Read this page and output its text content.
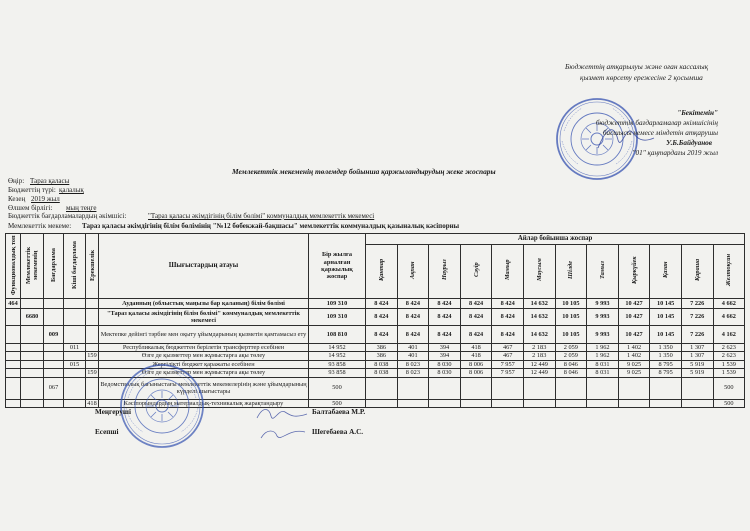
Бюджеттің атқарылуы және оған кассалық
қызмет көрсету ережесіне 2 қосымша
"Бекітемін"
бюджеттік бағдарламалар әкімшісінің
басшысы немесе міндетін атқарушы
У.Б.Байдуанов
"01" қаңтардағы 2019 жыл
Мемлекеттік мекеменің төлемдер бойынша қаржыландырудың жеке жоспары
Өңір: Тараз қаласы
Бюджеттің түрі: қалалық
Кезең 2019 жыл
Өлшем бірлігі: мың теңге
Бюджеттік бағдарламалардың әкімшісі:	"Тараз қаласы әкімдігінің білім бөлімі" коммуналдық мемлекеттік мекемесі
Мемлекеттік мекеме: Тараз қаласы әкімдігінің білім бөлімінің "№12 бөбекжай-бақшасы" мемлекеттік коммуналдық қазыналық кәсіпорны
Функционалдық топ	Мемлекеттік мекеменің	Бағдарлама	Кіші бағдарлама	Ерекшелік	Шығыстардың атауы	Бір жылға арналған қаржылық жоспар	Айлар бойынша жоспар											
							Қантар	Ақпан	Наурыз	Сәуір	Мамыр	Маусым	Шілде	Тамыз	Қыркүйек	Қазан	Қараша	Желтоқсан
464					Ауданның (облыстық маңызы бар қаланың) білім бөлімі	109 310	8 424	8 424	8 424	8 424	8 424	14 632	10 105	9 993	10 427	10 145	7 226	4 662
	6680				"Тараз қаласы әкімдігінің білім бөлімі" коммуналдық мемлекеттік мекемесі	109 310	8 424	8 424	8 424	8 424	8 424	14 632	10 105	9 993	10 427	10 145	7 226	4 662
		009			Мектепке дейінгі тәрбие мен оқыту ұйымдарының қызметін қамтамасыз ету	108 810	8 424	8 424	8 424	8 424	8 424	14 632	10 105	9 993	10 427	10 145	7 226	4 162
			011		Республикалық бюджеттен берілетін трансферттер есебінен	14 952	386	401	394	418	467	2 183	2 059	1 962	1 402	1 350	1 307	2 623
				159	Өзге де қызметтер мен жұмыстарға ақы төлеу	14 952	386	401	394	418	467	2 183	2 059	1 962	1 402	1 350	1 307	2 623
			015		Жергілікті бюджет қаражаты есебінен	93 858	8 038	8 023	8 030	8 006	7 957	12 449	8 046	8 031	9 025	8 795	5 919	1 539
				159	Өзге де қызметтер мен жұмыстарға ақы төлеу	93 858	8 038	8 023	8 030	8 006	7 957	12 449	8 046	8 031	9 025	8 795	5 919	1 539
		067			Ведомстволық бағыныстағы мемлекеттік мекемелерінің және ұйымдарының күрделі шығыстары	500												500
				418	Кәсіпорындардың материалдық-техникалық жарақтандыру	500												500
Меңгеруші	Балтабаева М.Р.
Есепші	Шегебаева А.С.
